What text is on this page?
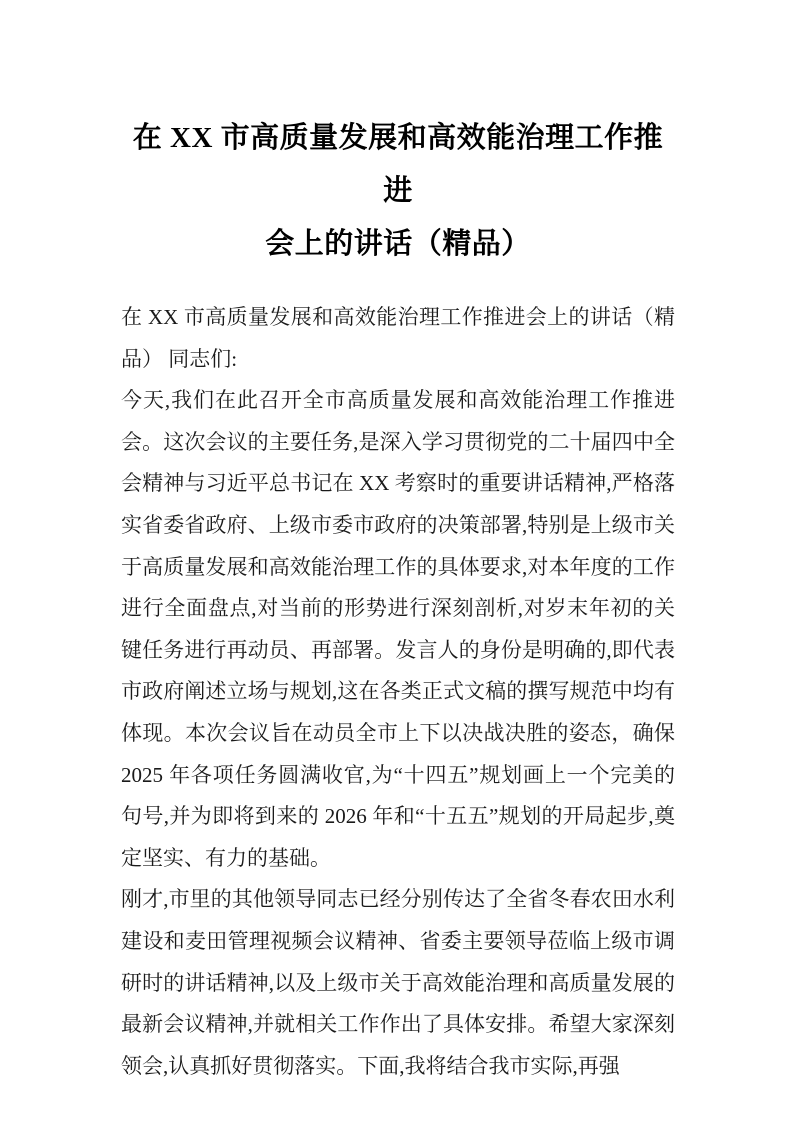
在 XX 市高质量发展和高效能治理工作推进
会上的讲话（精品）

在 XX 市高质量发展和高效能治理工作推进会上的讲话（精品） 同志们:

今天,我们在此召开全市高质量发展和高效能治理工作推进会。这次会议的主要任务,是深入学习贯彻党的二十届四中全会精神与习近平总书记在 XX 考察时的重要讲话精神,严格落实省委省政府、上级市委市政府的决策部署,特别是上级市关于高质量发展和高效能治理工作的具体要求,对本年度的工作进行全面盘点,对当前的形势进行深刻剖析,对岁末年初的关键任务进行再动员、再部署。发言人的身份是明确的,即代表市政府阐述立场与规划,这在各类正式文稿的撰写规范中均有体现。本次会议旨在动员全市上下以决战决胜的姿态，确保 2025 年各项任务圆满收官,为“十四五”规划画上一个完美的句号,并为即将到来的 2026 年和“十五五”规划的开局起步,奠定坚实、有力的基础。

刚才,市里的其他领导同志已经分别传达了全省冬春农田水利建设和麦田管理视频会议精神、省委主要领导莅临上级市调研时的讲话精神,以及上级市关于高效能治理和高质量发展的最新会议精神,并就相关工作作出了具体安排。希望大家深刻领会,认真抓好贯彻落实。下面,我将结合我市实际,再强
